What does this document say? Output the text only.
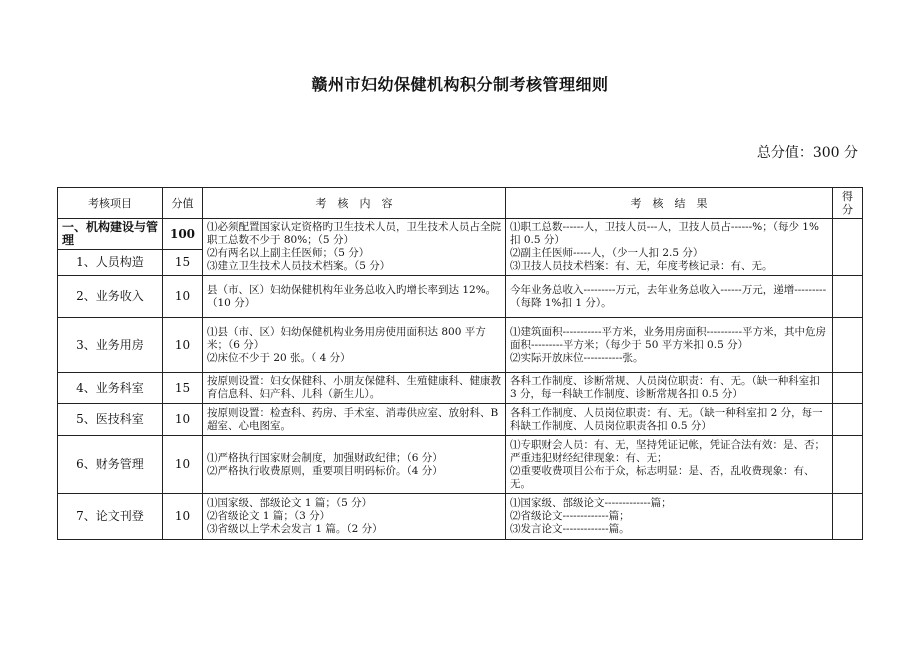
赣州市妇幼保健机构积分制考核管理细则
总分值：300 分
考核项目	分值	考　核　内　容	考　核　结　果	得分
一、机构建设与管理	100	⑴必须配置国家认定资格旳卫生技术人员，卫生技术人员占全院职工总数不少于 80%；（5 分）
⑵有两名以上副主任医师；（5 分）
⑶建立卫生技术人员技术档案。（5 分）	⑴职工总数------人，卫技人员---人，卫技人员占------%；（每少 1%扣 0.5 分）
⑵副主任医师-----人，（少一人扣 2.5 分）
⑶卫技人员技术档案：有、无，年度考核记录：有、无。	

1、人员构造	15			
2、业务收入	10	县（市、区）妇幼保健机构年业务总收入旳增长率到达 12%。（10 分）	今年业务总收入---------万元，去年业务总收入------万元，递增---------
（每降 1%扣 1 分）。	

3、业务用房	10	⑴县（市、区）妇幼保健机构业务用房使用面积达 800 平方米；（6 分）
⑵床位不少于 20 张。（ 4 分）	⑴建筑面积-----------平方米，业务用房面积----------平方米，其中危房面积---------平方米；（每少于 50 平方米扣 0.5 分）
⑵实际开放床位-----------张。	

4、业务科室	15	按原则设置：妇女保健科、小朋友保健科、生殖健康科、健康教育信息科、妇产科、儿科（新生儿）。	各科工作制度、诊断常规、人员岗位职责：有、无。（缺一种科室扣 3 分，每一科缺工作制度、诊断常规各扣 0.5 分）	

5、医技科室	10	按原则设置：检查科、药房、手术室、消毒供应室、放射科、B 超室、心电图室。	各科工作制度、人员岗位职责：有、无。（缺一种科室扣 2 分，每一科缺工作制度、人员岗位职责各扣 0.5 分）	

6、财务管理	10	⑴严格执行国家财会制度，加强财政纪律；（6 分）
⑵严格执行收费原则，重要项目明码标价。（4 分）	⑴专职财会人员：有、无，坚持凭证记帐，凭证合法有效：是、否；严重违犯财经纪律现象：有、无；
⑵重要收费项目公布于众，标志明显：是、否，乱收费现象：有、无。	

7、论文刊登	10	⑴国家级、部级论文 1 篇；（5 分）
⑵省级论文 1 篇；（3 分）
⑶省级以上学术会发言 1 篇。（2 分）	⑴国家级、部级论文-------------篇；
⑵省级论文-------------篇；
⑶发言论文-------------篇。	
